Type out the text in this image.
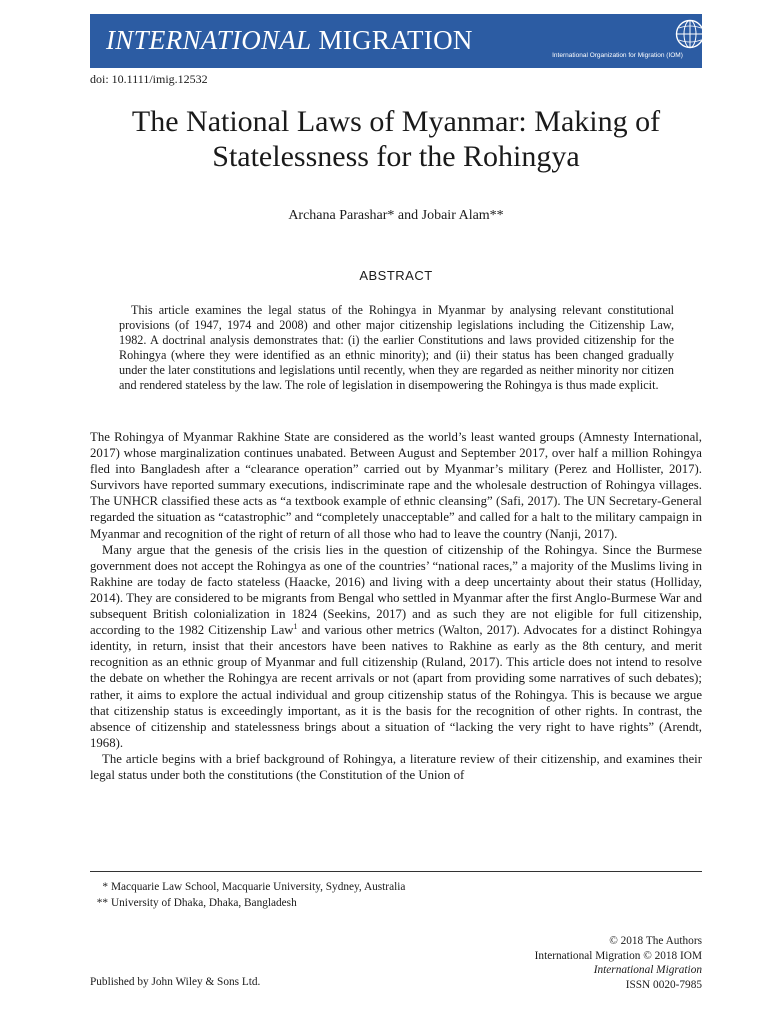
INTERNATIONAL MIGRATION
International Organization for Migration (IOM)
doi: 10.1111/imig.12532
The National Laws of Myanmar: Making of Statelessness for the Rohingya
Archana Parashar* and Jobair Alam**
ABSTRACT

This article examines the legal status of the Rohingya in Myanmar by analysing relevant constitutional provisions (of 1947, 1974 and 2008) and other major citizenship legislations including the Citizenship Law, 1982. A doctrinal analysis demonstrates that: (i) the earlier Constitutions and laws provided citizenship for the Rohingya (where they were identified as an ethnic minority); and (ii) their status has been changed gradually under the later constitutions and legislations until recently, when they are regarded as neither minority nor citizen and rendered stateless by the law. The role of legislation in disempowering the Rohingya is thus made explicit.

The Rohingya of Myanmar Rakhine State are considered as the world’s least wanted groups (Amnesty International, 2017) whose marginalization continues unabated. Between August and September 2017, over half a million Rohingya fled into Bangladesh after a “clearance operation” carried out by Myanmar’s military (Perez and Hollister, 2017). Survivors have reported summary executions, indiscriminate rape and the wholesale destruction of Rohingya villages. The UNHCR classified these acts as “a textbook example of ethnic cleansing” (Safi, 2017). The UN Secretary-General regarded the situation as “catastrophic” and “completely unacceptable” and called for a halt to the military campaign in Myanmar and recognition of the right of return of all those who had to leave the country (Nanji, 2017).

Many argue that the genesis of the crisis lies in the question of citizenship of the Rohingya. Since the Burmese government does not accept the Rohingya as one of the countries’ “national races,” a majority of the Muslims living in Rakhine are today de facto stateless (Haacke, 2016) and living with a deep uncertainty about their status (Holliday, 2014). They are considered to be migrants from Bengal who settled in Myanmar after the first Anglo-Burmese War and subsequent British colonialization in 1824 (Seekins, 2017) and as such they are not eligible for full citizenship, according to the 1982 Citizenship Law$^1$ and various other metrics (Walton, 2017). Advocates for a distinct Rohingya identity, in return, insist that their ancestors have been natives to Rakhine as early as the 8th century, and merit recognition as an ethnic group of Myanmar and full citizenship (Ruland, 2017). This article does not intend to resolve the debate on whether the Rohingya are recent arrivals or not (apart from providing some narratives of such debates); rather, it aims to explore the actual individual and group citizenship status of the Rohingya. This is because we argue that citizenship status is exceedingly important, as it is the basis for the recognition of other rights. In contrast, the absence of citizenship and statelessness brings about a situation of “lacking the very right to have rights” (Arendt, 1968).

The article begins with a brief background of Rohingya, a literature review of their citizenship, and examines their legal status under both the constitutions (the Constitution of the Union of

* Macquarie Law School, Macquarie University, Sydney, Australia
** University of Dhaka, Dhaka, Bangladesh
© 2018 The Authors
International Migration © 2018 IOM
International Migration
ISSN 0020-7985
Published by John Wiley & Sons Ltd.
